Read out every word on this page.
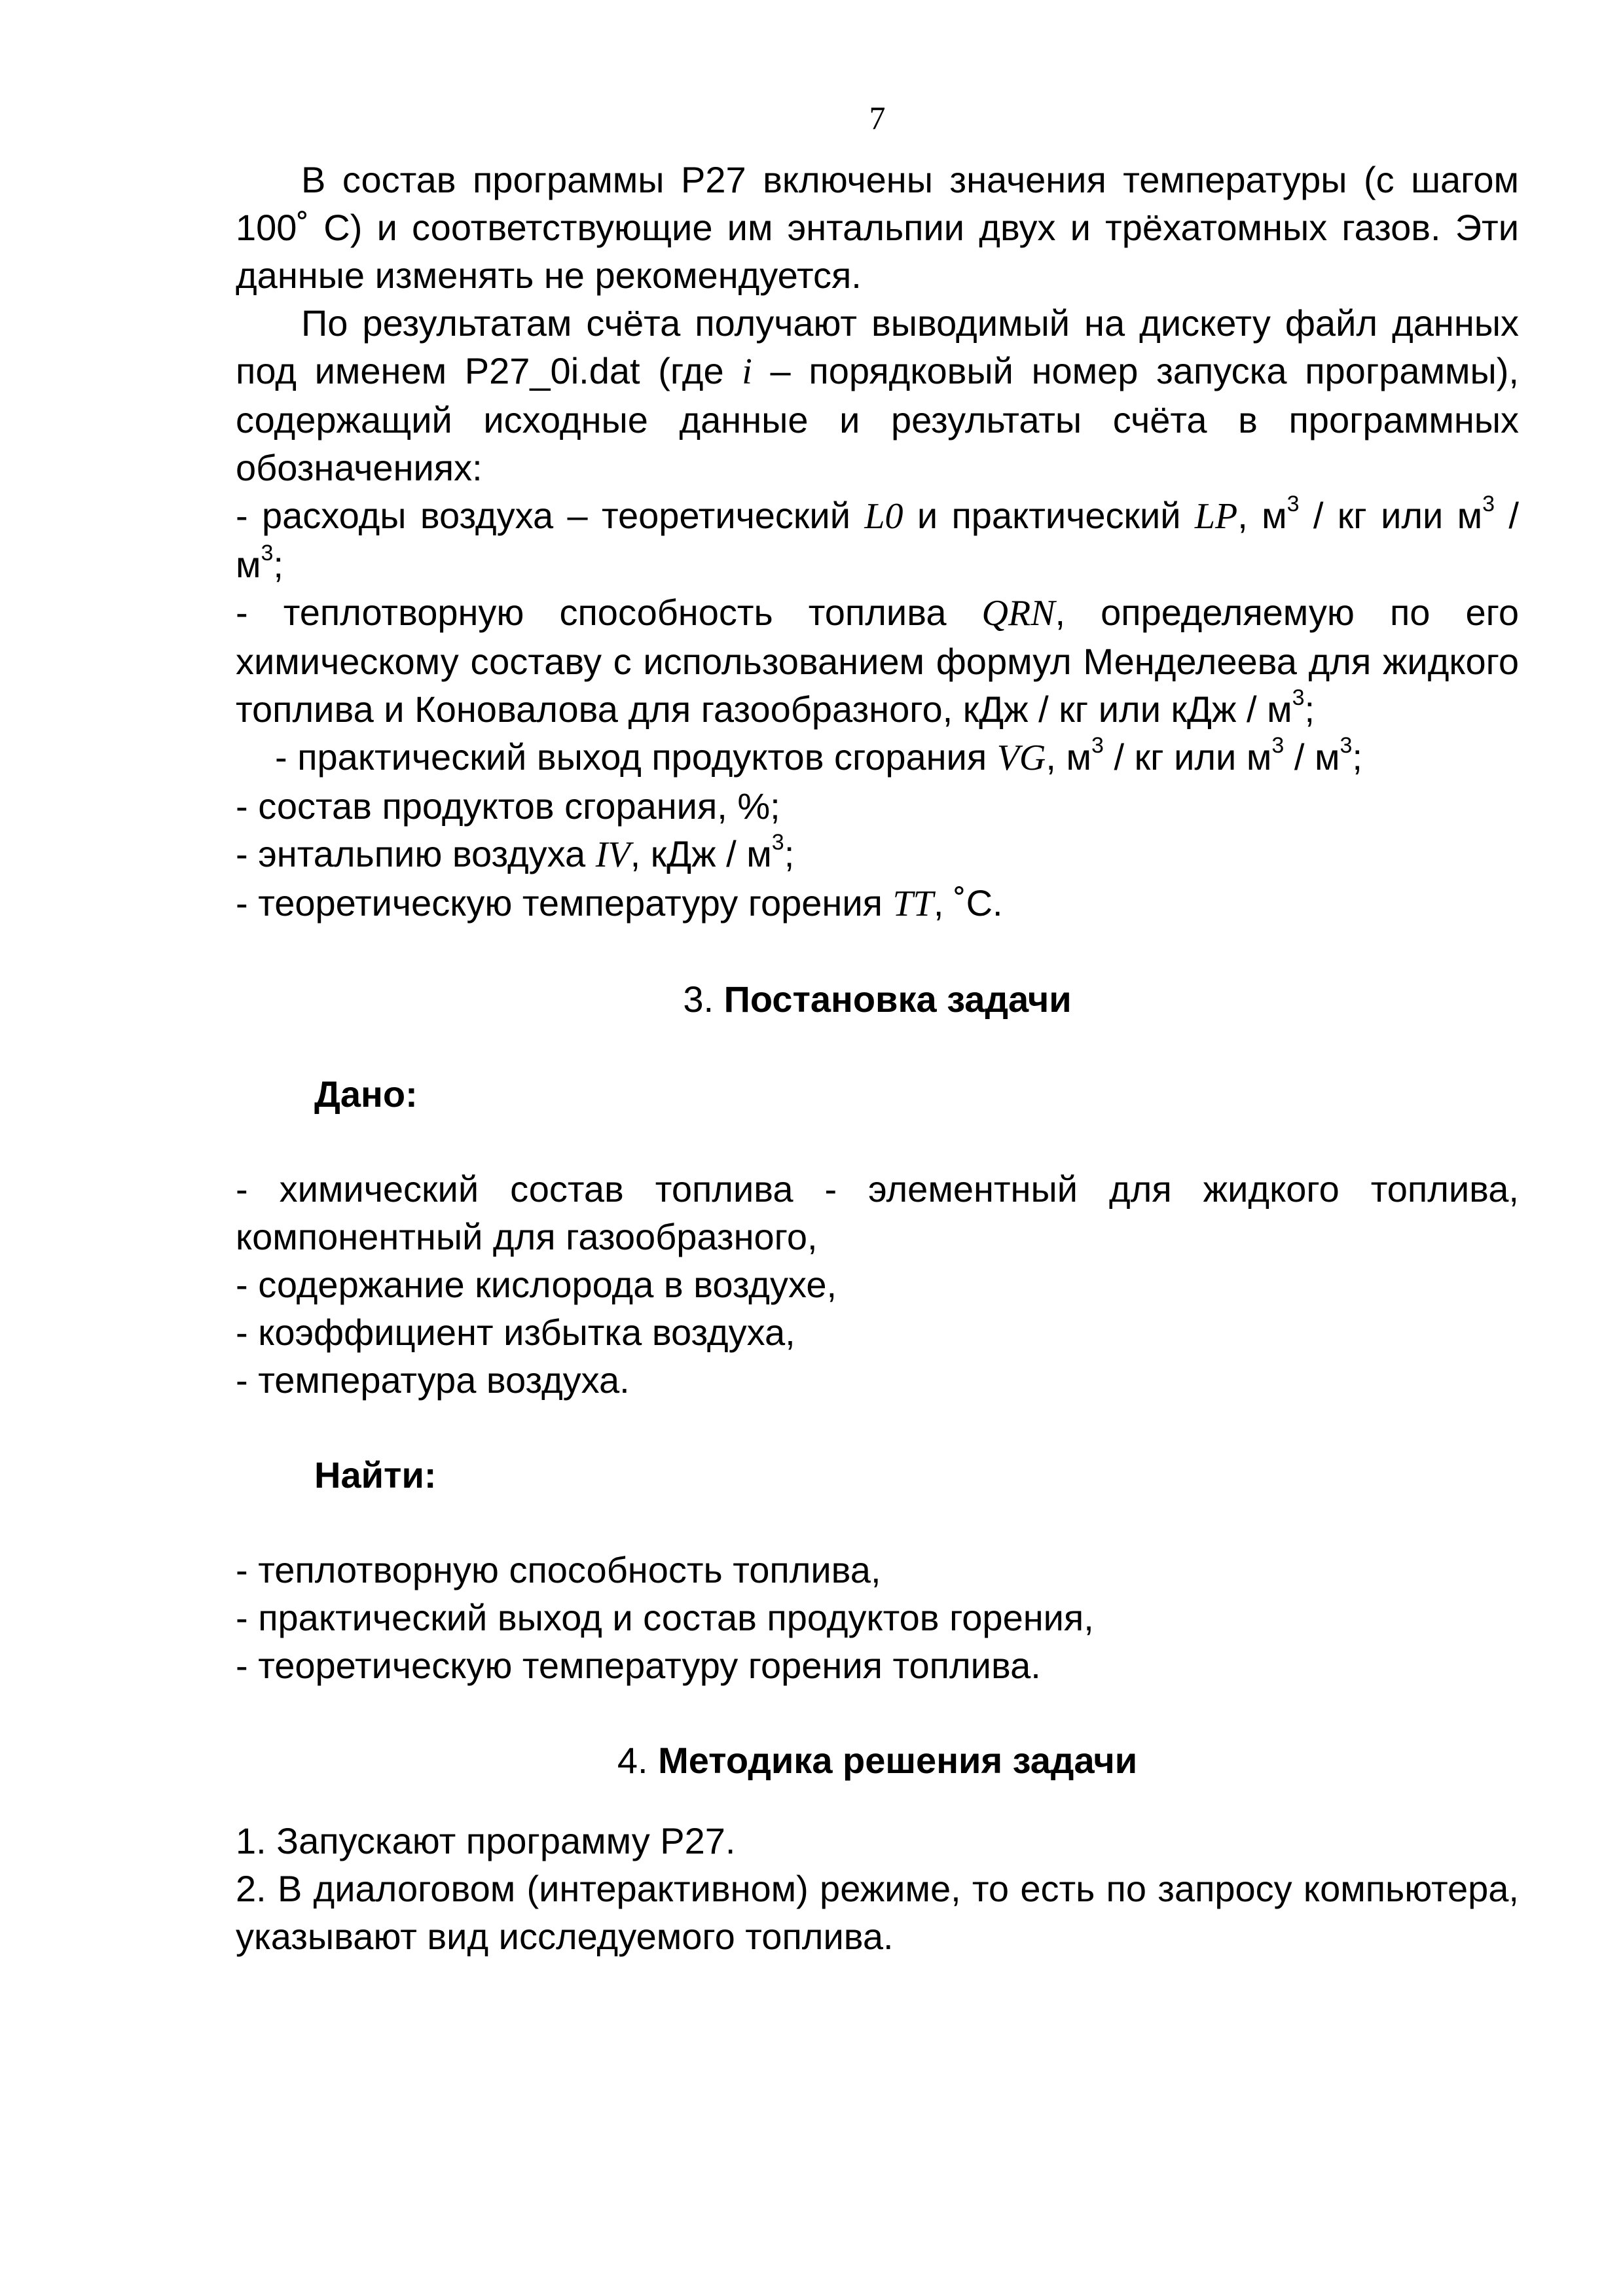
7

В состав программы P27 включены значения температуры (с шагом 100˚ С) и соответствующие им энтальпии двух и трёхатомных газов. Эти данные изменять не рекомендуется.

По результатам счёта получают выводимый на дискету файл данных под именем P27_0i.dat (где i – порядковый номер запуска программы), содержащий исходные данные и результаты счёта в программных обозначениях:

- расходы воздуха – теоретический L0 и практический LP, $м^3$ / кг или $м^3 / м^3$;

- теплотворную способность топлива QRN, определяемую по его химическому составу с использованием формул Менделеева для жидкого топлива и Коновалова для газообразного, кДж / кг или кДж / $м^3$;

- практический выход продуктов сгорания VG, $м^3$ / кг или $м^3 / м^3$;

- состав продуктов сгорания, %;

- энтальпию воздуха IV, кДж / $м^3$;

- теоретическую температуру горения TT, ˚C.

3. Постановка задачи

Дано:

- химический состав топлива - элементный для жидкого топлива, компонентный для газообразного,

- содержание кислорода в воздухе,

- коэффициент избытка воздуха,

- температура воздуха.

Найти:

- теплотворную способность топлива,

- практический выход и состав продуктов горения,

- теоретическую температуру горения топлива.

4. Методика решения задачи

1. Запускают программу P27.

2. В диалоговом (интерактивном) режиме, то есть по запросу компьютера, указывают вид исследуемого топлива.
